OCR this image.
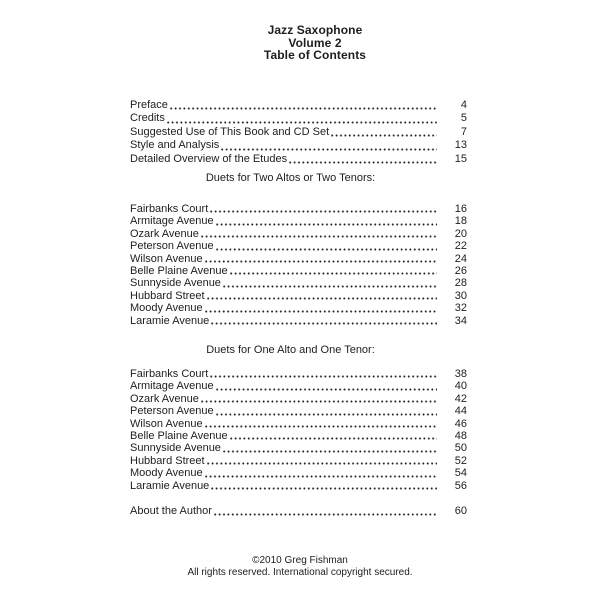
Jazz Saxophone
Volume 2
Table of Contents
Preface	4
Credits	5
Suggested Use of This Book and CD Set	7
Style and Analysis	13
Detailed Overview of the Etudes	15
Duets for Two Altos or Two Tenors:
Fairbanks Court	16
Armitage Avenue	18
Ozark Avenue	20
Peterson Avenue	22
Wilson Avenue	24
Belle Plaine Avenue	26
Sunnyside Avenue	28
Hubbard Street	30
Moody Avenue	32
Laramie Avenue	34
Duets for One Alto and One Tenor:
Fairbanks Court	38
Armitage Avenue	40
Ozark Avenue	42
Peterson Avenue	44
Wilson Avenue	46
Belle Plaine Avenue	48
Sunnyside Avenue	50
Hubbard Street	52
Moody Avenue	54
Laramie Avenue	56
About the Author	60
©2010 Greg Fishman
All rights reserved. International copyright secured.
